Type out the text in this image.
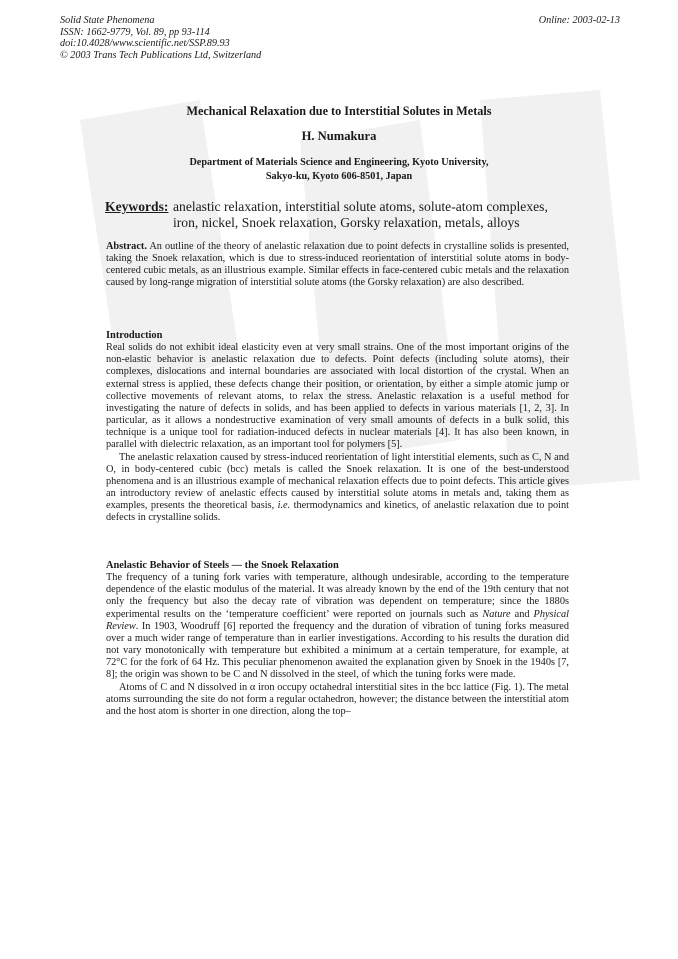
Solid State Phenomena
ISSN: 1662-9779, Vol. 89, pp 93-114
doi:10.4028/www.scientific.net/SSP.89.93
© 2003 Trans Tech Publications Ltd, Switzerland
Online: 2003-02-13
Mechanical Relaxation due to Interstitial Solutes in Metals
H. Numakura
Department of Materials Science and Engineering, Kyoto University,
Sakyo-ku, Kyoto 606-8501, Japan
Keywords: anelastic relaxation, interstitial solute atoms, solute-atom complexes, iron, nickel, Snoek relaxation, Gorsky relaxation, metals, alloys

Abstract. An outline of the theory of anelastic relaxation due to point defects in crystalline solids is presented, taking the Snoek relaxation, which is due to stress-induced reorientation of interstitial solute atoms in body-centered cubic metals, as an illustrious example. Similar effects in face-centered cubic metals and the relaxation caused by long-range migration of interstitial solute atoms (the Gorsky relaxation) are also described.

Introduction

Real solids do not exhibit ideal elasticity even at very small strains. One of the most important origins of the non-elastic behavior is anelastic relaxation due to defects. Point defects (including solute atoms), their complexes, dislocations and internal boundaries are associated with local distortion of the crystal. When an external stress is applied, these defects change their position, or orientation, by either a simple atomic jump or collective movements of relevant atoms, to relax the stress. Anelastic relaxation is a useful method for investigating the nature of defects in solids, and has been applied to defects in various materials [1, 2, 3]. In particular, as it allows a nondestructive examination of very small amounts of defects in a bulk solid, this technique is a unique tool for radiation-induced defects in nuclear materials [4]. It has also been known, in parallel with dielectric relaxation, as an important tool for polymers [5].

The anelastic relaxation caused by stress-induced reorientation of light interstitial elements, such as C, N and O, in body-centered cubic (bcc) metals is called the Snoek relaxation. It is one of the best-understood phenomena and is an illustrious example of mechanical relaxation effects due to point defects. This article gives an introductory review of anelastic effects caused by interstitial solute atoms in metals and, taking them as examples, presents the theoretical basis, i.e. thermodynamics and kinetics, of anelastic relaxation due to point defects in crystalline solids.

Anelastic Behavior of Steels — the Snoek Relaxation

The frequency of a tuning fork varies with temperature, although undesirable, according to the temperature dependence of the elastic modulus of the material. It was already known by the end of the 19th century that not only the frequency but also the decay rate of vibration was dependent on temperature; since the 1880s experimental results on the ‘temperature coefficient’ were reported on journals such as Nature and Physical Review. In 1903, Woodruff [6] reported the frequency and the duration of vibration of tuning forks measured over a much wider range of temperature than in earlier investigations. According to his results the duration did not vary monotonically with temperature but exhibited a minimum at a certain temperature, for example, at 72°C for the fork of 64 Hz. This peculiar phenomenon awaited the explanation given by Snoek in the 1940s [7, 8]; the origin was shown to be C and N dissolved in the steel, of which the tuning forks were made.

Atoms of C and N dissolved in α iron occupy octahedral interstitial sites in the bcc lattice (Fig. 1). The metal atoms surrounding the site do not form a regular octahedron, however; the distance between the interstitial atom and the host atom is shorter in one direction, along the top–
